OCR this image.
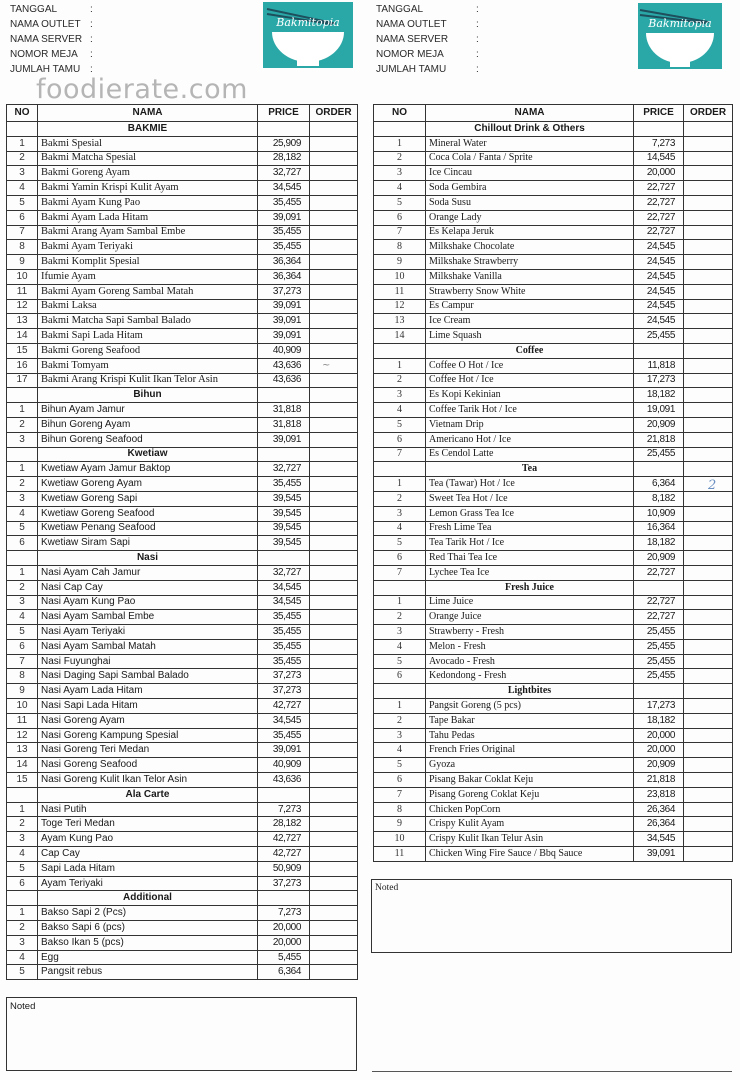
TANGGAL	:
NAMA OUTLET :
NAMA SERVER :
NOMOR MEJA	:
JUMLAH TAMU :
Bakmitopia
foodierate.com
TANGGAL	:
NAMA OUTLET	:
NAMA SERVER	:
NOMOR MEJA	:
JUMLAH TAMU	:
Bakmitopia
NO	NAMA	PRICE	ORDER
	BAKMIE		
1	Bakmi Spesial	25,909	
2	Bakmi Matcha Spesial	28,182	
3	Bakmi Goreng Ayam	32,727	
4	Bakmi Yamin Krispi Kulit Ayam	34,545	
5	Bakmi Ayam Kung Pao	35,455	
6	Bakmi Ayam Lada Hitam	39,091	
7	Bakmi Arang Ayam Sambal Embe	35,455	
8	Bakmi Ayam Teriyaki	35,455	
9	Bakmi Komplit Spesial	36,364	
10	Ifumie Ayam	36,364	
11	Bakmi Ayam Goreng Sambal Matah	37,273	
12	Bakmi Laksa	39,091	
13	Bakmi Matcha Sapi Sambal Balado	39,091	
14	Bakmi Sapi Lada Hitam	39,091	
15	Bakmi Goreng Seafood	40,909	
16	Bakmi Tomyam	43,636	
17	Bakmi Arang Krispi Kulit Ikan Telor Asin	43,636	
	Bihun		
1	Bihun Ayam Jamur	31,818	
2	Bihun Goreng Ayam	31,818	
3	Bihun Goreng Seafood	39,091	
	Kwetiaw		
1	Kwetiaw Ayam Jamur Baktop	32,727	
2	Kwetiaw Goreng Ayam	35,455	
3	Kwetiaw Goreng Sapi	39,545	
4	Kwetiaw Goreng Seafood	39,545	
5	Kwetiaw Penang Seafood	39,545	
6	Kwetiaw Siram Sapi	39,545	
	Nasi		
1	Nasi Ayam Cah Jamur	32,727	
2	Nasi Cap Cay	34,545	
3	Nasi Ayam Kung Pao	34,545	
4	Nasi Ayam Sambal Embe	35,455	
5	Nasi Ayam Teriyaki	35,455	
6	Nasi Ayam Sambal Matah	35,455	
7	Nasi Fuyunghai	35,455	
8	Nasi Daging Sapi Sambal Balado	37,273	
9	Nasi Ayam Lada Hitam	37,273	
10	Nasi Sapi Lada Hitam	42,727	
11	Nasi Goreng Ayam	34,545	
12	Nasi Goreng Kampung Spesial	35,455	
13	Nasi Goreng Teri Medan	39,091	
14	Nasi Goreng Seafood	40,909	
15	Nasi Goreng Kulit Ikan Telor Asin	43,636	
	Ala Carte		
1	Nasi Putih	7,273	
2	Toge Teri Medan	28,182	
3	Ayam Kung Pao	42,727	
4	Cap Cay	42,727	
5	Sapi Lada Hitam	50,909	
6	Ayam Teriyaki	37,273	
	Additional		
1	Bakso Sapi 2 (Pcs)	7,273	
2	Bakso Sapi 6 (pcs)	20,000	
3	Bakso Ikan 5 (pcs)	20,000	
4	Egg	5,455	
5	Pangsit rebus	6,364	
NO	NAMA	PRICE	ORDER
	Chillout Drink & Others		
1	Mineral Water	7,273	
2	Coca Cola / Fanta / Sprite	14,545	
3	Ice Cincau	20,000	
4	Soda Gembira	22,727	
5	Soda Susu	22,727	
6	Orange Lady	22,727	
7	Es Kelapa Jeruk	22,727	
8	Milkshake Chocolate	24,545	
9	Milkshake Strawberry	24,545	
10	Milkshake Vanilla	24,545	
11	Strawberry Snow White	24,545	
12	Es Campur	24,545	
13	Ice Cream	24,545	
14	Lime Squash	25,455	
	Coffee		
1	Coffee O Hot / Ice	11,818	
2	Coffee Hot / Ice	17,273	
3	Es Kopi Kekinian	18,182	
4	Coffee Tarik Hot / Ice	19,091	
5	Vietnam Drip	20,909	
6	Americano Hot / Ice	21,818	
7	Es Cendol Latte	25,455	
	Tea		
1	Tea (Tawar) Hot / Ice	6,364	
2	Sweet Tea Hot / Ice	8,182	
3	Lemon Grass Tea Ice	10,909	
4	Fresh Lime Tea	16,364	
5	Tea Tarik Hot / Ice	18,182	
6	Red Thai Tea Ice	20,909	
7	Lychee Tea Ice	22,727	
	Fresh Juice		
1	Lime Juice	22,727	
2	Orange Juice	22,727	
3	Strawberry - Fresh	25,455	
4	Melon - Fresh	25,455	
5	Avocado - Fresh	25,455	
6	Kedondong - Fresh	25,455	
	Lightbites		
1	Pangsit Goreng (5 pcs)	17,273	
2	Tape Bakar	18,182	
3	Tahu Pedas	20,000	
4	French Fries Original	20,000	
5	Gyoza	20,909	
6	Pisang Bakar Coklat Keju	21,818	
7	Pisang Goreng Coklat Keju	23,818	
8	Chicken PopCorn	26,364	
9	Crispy Kulit Ayam	26,364	
10	Crispy Kulit Ikan Telur Asin	34,545	
11	Chicken Wing Fire Sauce / Bbq Sauce	39,091	
Noted
Noted
2
~
